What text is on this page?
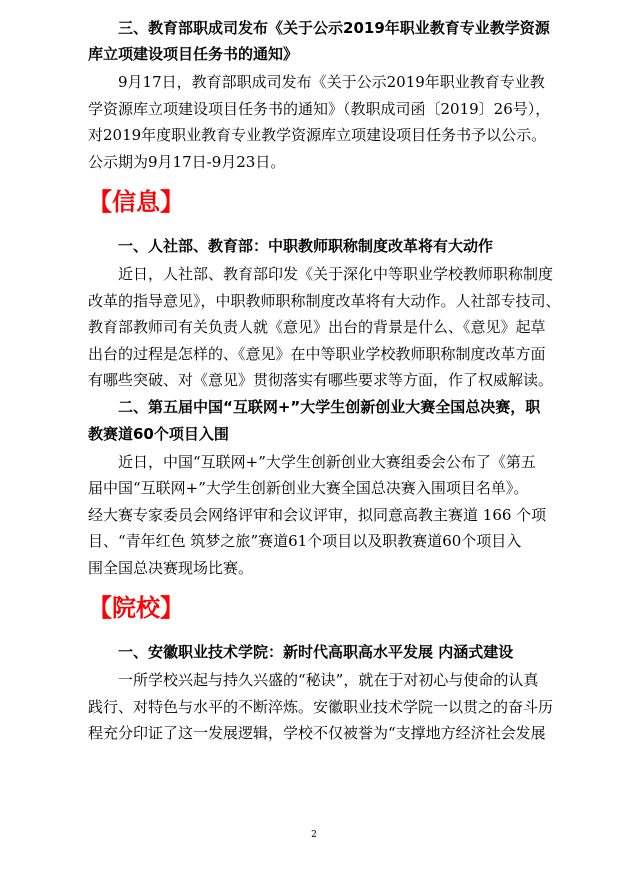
三、教育部职成司发布《关于公示2019年职业教育专业教学资源
库立项建设项目任务书的通知》
9月17日，教育部职成司发布《关于公示2019年职业教育专业教
学资源库立项建设项目任务书的通知》（教职成司函〔2019〕26号），
对2019年度职业教育专业教学资源库立项建设项目任务书予以公示。
公示期为9月17日-9月23日。
【信息】
一、人社部、教育部：中职教师职称制度改革将有大动作
近日，人社部、教育部印发《关于深化中等职业学校教师职称制度
改革的指导意见》，中职教师职称制度改革将有大动作。人社部专技司、
教育部教师司有关负责人就《意见》出台的背景是什么、《意见》起草
出台的过程是怎样的、《意见》在中等职业学校教师职称制度改革方面
有哪些突破、对《意见》贯彻落实有哪些要求等方面，作了权威解读。
二、第五届中国“互联网+”大学生创新创业大赛全国总决赛，职
教赛道60个项目入围
近日，中国“互联网+”大学生创新创业大赛组委会公布了《第五
届中国“互联网+”大学生创新创业大赛全国总决赛入围项目名单》。
经大赛专家委员会网络评审和会议评审，拟同意高教主赛道 166 个项
目、“青年红色 筑梦之旅”赛道61个项目以及职教赛道60个项目入
围全国总决赛现场比赛。
【院校】
一、安徽职业技术学院：新时代高职高水平发展 内涵式建设
一所学校兴起与持久兴盛的“秘诀”，就在于对初心与使命的认真
践行、对特色与水平的不断淬炼。安徽职业技术学院一以贯之的奋斗历
程充分印证了这一发展逻辑，学校不仅被誉为“支撑地方经济社会发展
2
